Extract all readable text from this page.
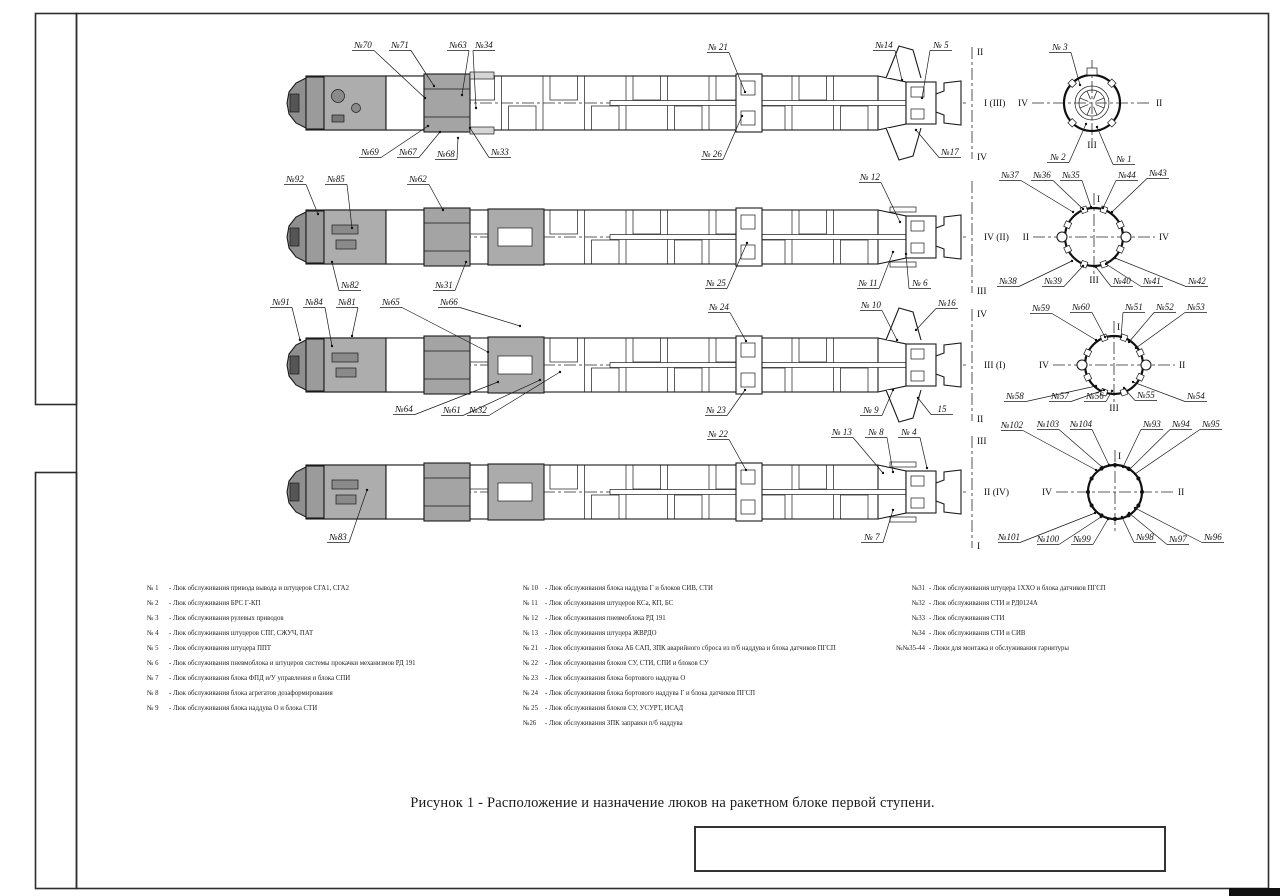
II
IV
I (III) IV	II
III
№70 №71	№63 №34	№ 21	№14	№ 5
№69 №67 №68	№33	№ 26	№17
№ 3
№ 2	№ 1
III
IV (II) II	IV
III
I
№92	№85	№62	№ 12
№82	№31	№ 25	№ 11	№ 6
№37 №36 №35	№44 №43
№38	№39	№40 №41	№42
IV
II
III (I)	IV	II
III
I
№91 №84 №81	№65	№66	№ 24	№ 10	№16
№64	№61 №32	№ 23	№ 9	15
№59	№60	№51 №52 №53
№58	№57 №56	№55	№54
III
I
II (IV)	IV	II
I
№ 22	№ 13 № 8 № 4
№83	№ 7
№102 №103 №104	№93 №94 №95
№101 №100 №99	№98 №97 №96
№ 1	- Люк обслуживания привода вывода и штуцеров СГА1, СГА2
№ 2	- Люк обслуживания БРС Г-КП
№ 3	- Люк обслуживания рулевых приводов
№ 4	- Люк обслуживания штуцеров СПГ, СЖУЧ, ПАТ
№ 5	- Люк обслуживания штуцера ППТ
№ 6	- Люк обслуживания пневмоблока и штуцеров системы прокачки механизмов РД 191
№ 7	- Люк обслуживания блока ФПД и/У управления и блока СПИ
№ 8	- Люк обслуживания блока агрегатов дозаформирования
№ 9	- Люк обслуживания блока наддува О и блока СТИ
№ 10	- Люк обслуживания блока наддува Г и блоков СИВ, СТИ
№ 11	- Люк обслуживания штуцеров КСа, КП, БС
№ 12	- Люк обслуживания пневмоблока РД 191
№ 13	- Люк обслуживания штуцера ЖВРДО
№ 21	- Люк обслуживания блока АБ САП, ЗПК аварийного сброса из п/б наддува и блока датчиков ПГСП
№ 22	- Люк обслуживания блоков СУ, СТИ, СПИ и блоков СУ
№ 23	- Люк обслуживания блока бортового наддува О
№ 24	- Люк обслуживания блока бортового наддува Г и блока датчиков ПГСП
№ 25	- Люк обслуживания блоков СУ, УСУРТ, ИСАД
№26	- Люк обслуживания ЗПК заправки п/б наддува
№31 - Люк обслуживания штуцера 1ХХО и блока датчиков ПГСП
№32 - Люк обслуживания СТИ и РД0124А
№33 - Люк обслуживания СТИ
№34 - Люк обслуживания СТИ и СИВ
№№35-44 - Люки для монтажа и обслуживания гарнитуры
Рисунок 1 - Расположение и назначение люков на ракетном блоке первой ступени.
